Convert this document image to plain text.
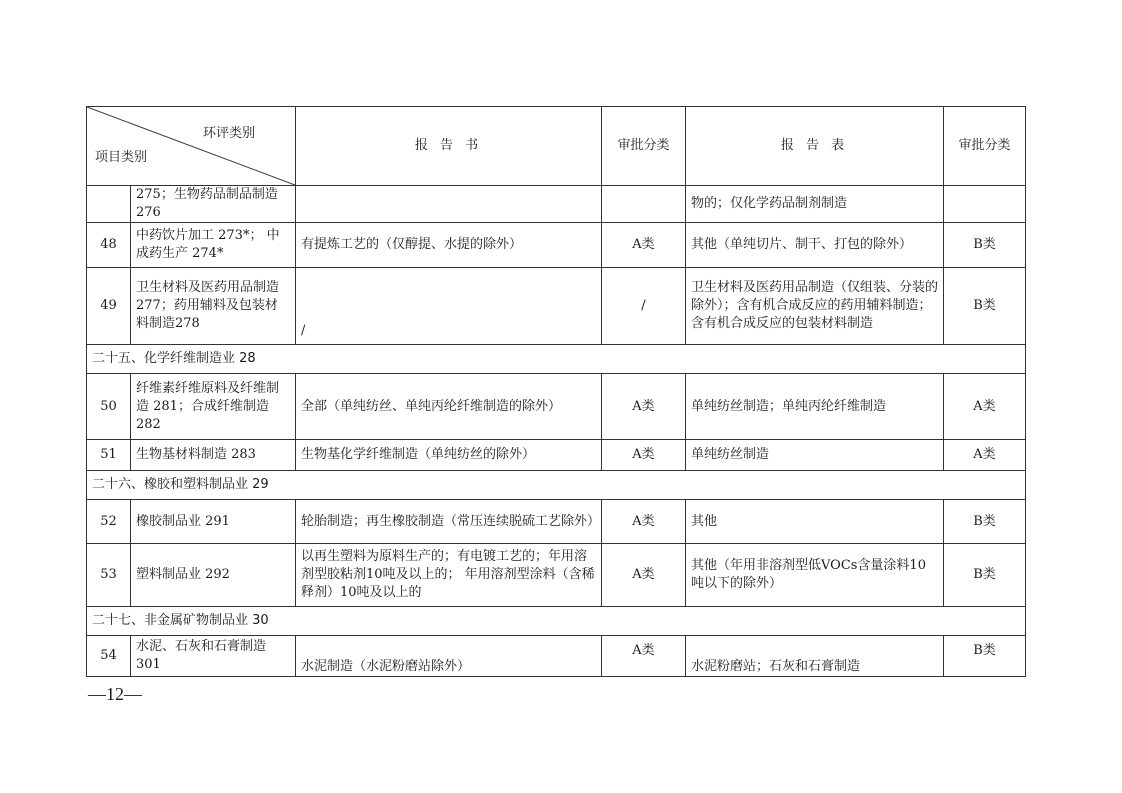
环评类别
项目类别		报 告 书	审批分类	报 告 表	审批分类
	275；生物药品制品制造276			物的；仅化学药品制剂制造	
48	中药饮片加工 273*； 中成药生产 274*	有提炼工艺的（仅醇提、水提的除外）	A类	其他（单纯切片、制干、打包的除外）	B类
49	卫生材料及医药用品制造 277；药用辅料及包装材料制造278	/	/	卫生材料及医药用品制造（仅组装、分装的除外）；含有机合成反应的药用辅料制造；含有机合成反应的包装材料制造	B类
二十五、化学纤维制造业 28					
50	纤维素纤维原料及纤维制造 281；合成纤维制造 282	全部（单纯纺丝、单纯丙纶纤维制造的除外）	A类	单纯纺丝制造；单纯丙纶纤维制造	A类
51	生物基材料制造 283	生物基化学纤维制造（单纯纺丝的除外）	A类	单纯纺丝制造	A类
二十六、橡胶和塑料制品业 29					
52	橡胶制品业 291	轮胎制造；再生橡胶制造（常压连续脱硫工艺除外）	A类	其他	B类
53	塑料制品业 292	以再生塑料为原料生产的；有电镀工艺的；年用溶剂型胶粘剂10吨及以上的； 年用溶剂型涂料（含稀释剂）10吨及以上的	A类	其他（年用非溶剂型低VOCs含量涂料10吨以下的除外）	B类
二十七、非金属矿物制品业 30					
54	水泥、石灰和石膏制造 301	水泥制造（水泥粉磨站除外）	A类	水泥粉磨站；石灰和石膏制造	B类
—12—
